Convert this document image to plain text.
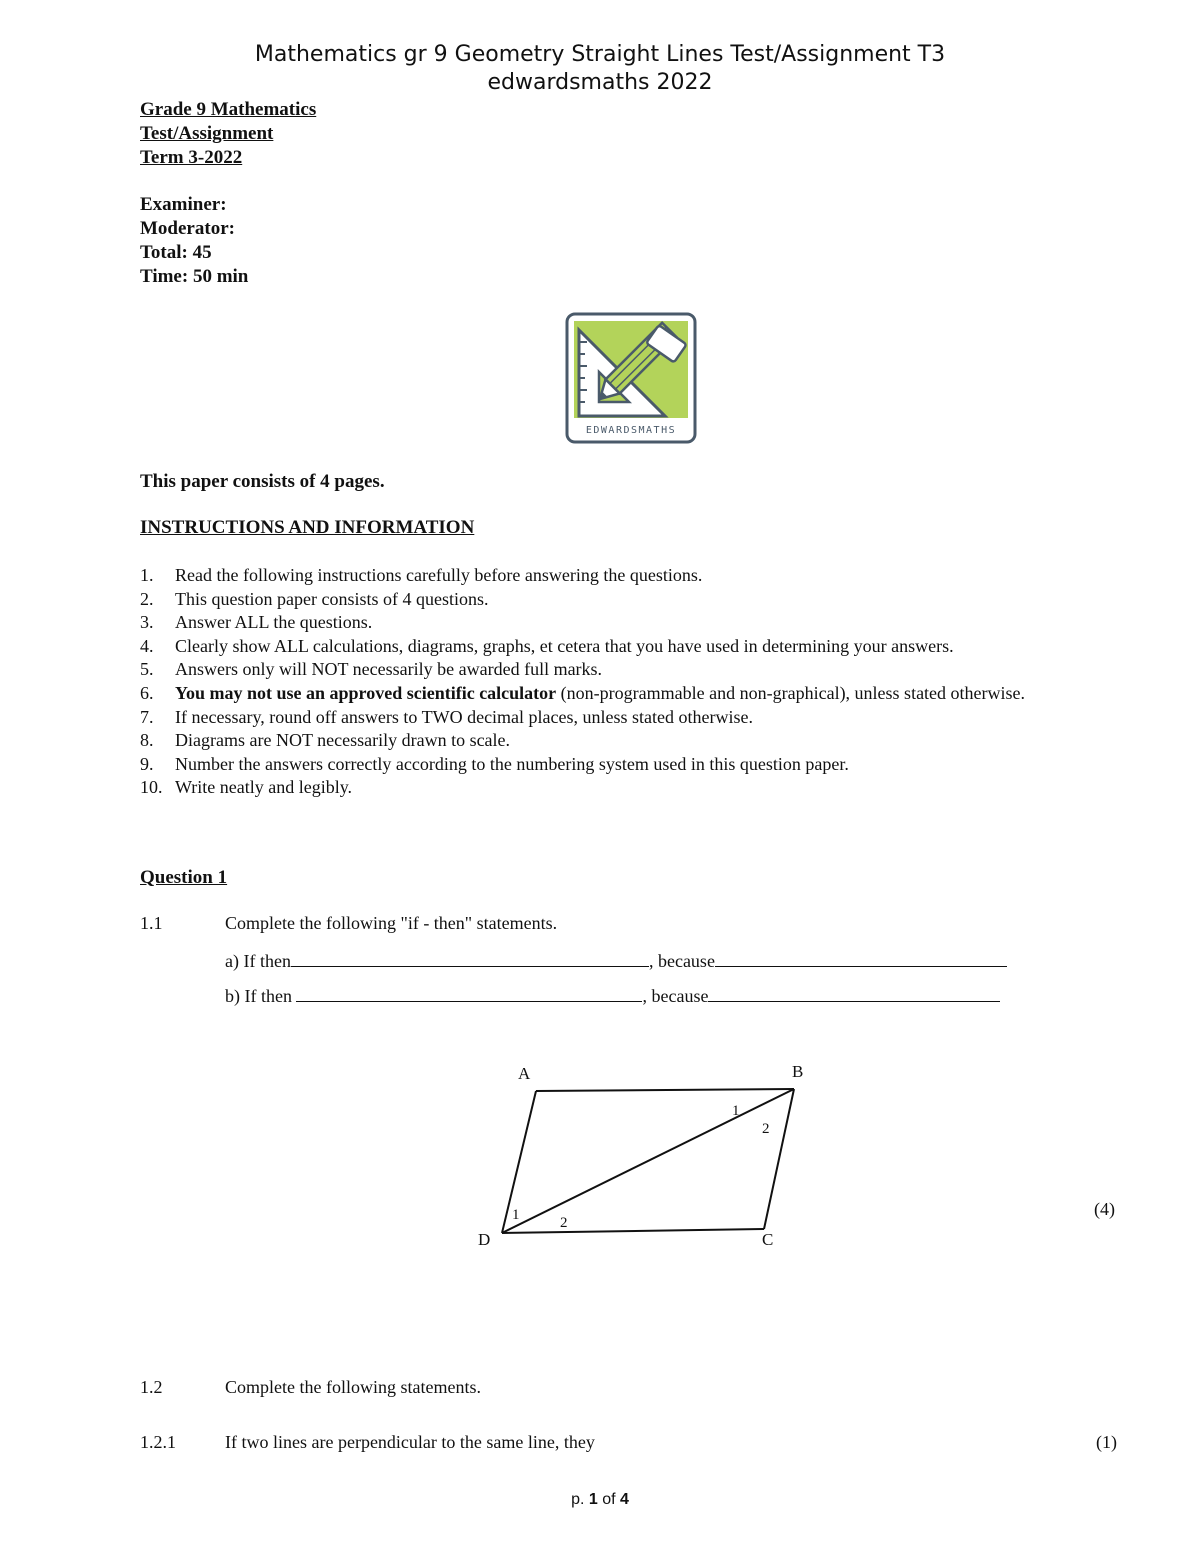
Mathematics gr 9 Geometry Straight Lines Test/Assignment T3
edwardsmaths 2022
Grade 9 Mathematics
Test/Assignment
Term 3-2022
Examiner:
Moderator:
Total: 45
Time: 50 min
EDWARDSMATHS
This paper consists of 4 pages.
INSTRUCTIONS AND INFORMATION
1.	Read the following instructions carefully before answering the questions.
2.	This question paper consists of 4 questions.
3.	Answer ALL the questions.
4.	Clearly show ALL calculations, diagrams, graphs, et cetera that you have used in determining your answers.
5.	Answers only will NOT necessarily be awarded full marks.
6.	You may not use an approved scientific calculator (non-programmable and non-graphical), unless stated otherwise.
7.	If necessary, round off answers to TWO decimal places, unless stated otherwise.
8.	Diagrams are NOT necessarily drawn to scale.
9.	Number the answers correctly according to the numbering system used in this question paper.
10. Write neatly and legibly.
Question 1
1.1	Complete the following "if - then" statements.
a) If then	, because
b) If then	, because
A	B
C
D
1
2
1	2
(4)
1.2	Complete the following statements.
1.2.1	If two lines are perpendicular to the same line, they	(1)
p. 1 of 4
